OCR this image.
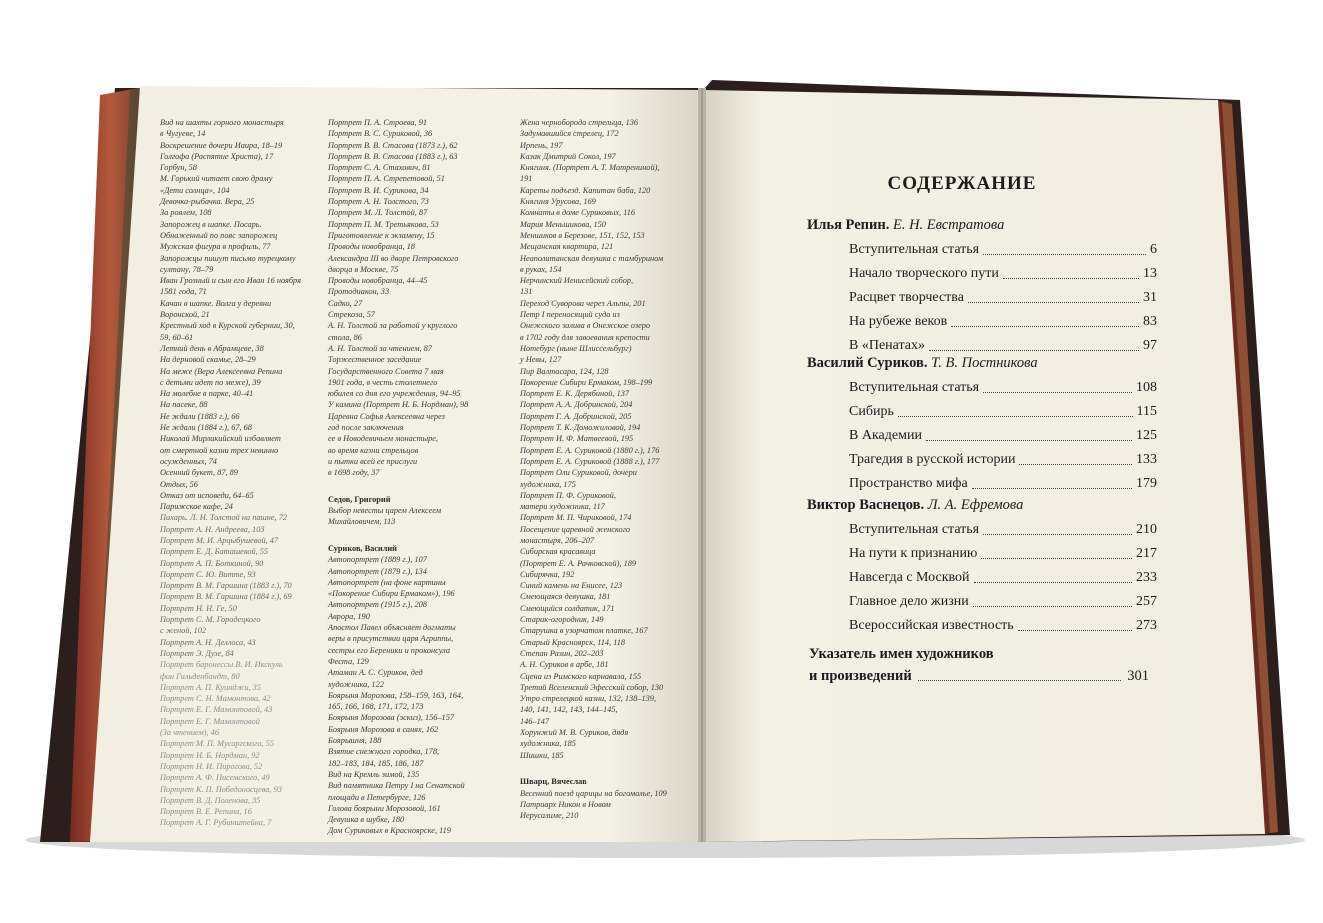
Вид на шахты горного монастыря
в Чугуеве, 14
Воскрешение дочери Иаира, 18–19
Голгофа (Распятие Христа), 17
Горбун, 58
М. Горький читает свою драму
«Дети солнца», 104
Девочка-рыбачка. Вера, 25
За роялем, 108
Запорожец в шапке. Посарь.
Обнаженный по пояс запорожец
Мужская фигура в профиль, 77
Запорожцы пишут письмо турецкому
султану, 78–79
Иван Грозный и сын его Иван 16 ноября
1581 года, 71
Качан в шапке. Волга у деревни
Воронской, 21
Крестный ход в Курской губернии, 30,
59, 60–61
Летний день в Абрамцеве, 38
На дерновой скамье, 28–29
На меже (Вера Алексеевна Репина
с детьми идет по меже), 39
На молебне в парке, 40–41
На пасеке, 88
Не ждали (1883 г.), 66
Не ждали (1884 г.), 67, 68
Николай Мирликийский избавляет
от смертной казни трех невинно
осужденных, 74
Осенний букет, 87, 89
Отдых, 56
Отказ от исповеди, 64–65
Парижское кафе, 24
Пахарь. Л. Н. Толстой на пашне, 72
Портрет А. Н. Андреева, 103
Портрет М. И. Арцыбушевой, 47
Портрет Е. Д. Баташевой, 55
Портрет А. П. Боткиной, 90
Портрет С. Ю. Витте, 93
Портрет В. М. Гаршина (1883 г.), 70
Портрет В. М. Гаршина (1884 г.), 69
Портрет Н. Н. Ге, 50
Портрет С. М. Городецкого
с женой, 102
Портрет А. Н. Деллоса, 43
Портрет Э. Дузе, 84
Портрет баронессы В. И. Икскуль
фон Гильденбандт, 80
Портрет А. П. Куинджи, 35
Портрет С. Н. Мамонтова, 42
Портрет Е. Г. Мамонтовой, 43
Портрет Е. Г. Мамонтовой
(За чтением), 46
Портрет М. П. Мусоргского, 55
Портрет Н. Б. Нордман, 92
Портрет Н. И. Пирогова, 52
Портрет А. Ф. Писемского, 49
Портрет К. П. Победоносцева, 93
Портрет В. Д. Поленова, 35
Портрет В. Е. Репина, 16
Портрет А. Г. Рубинштейна, 7
Портрет П. А. Строева, 91
Портрет В. С. Суриковой, 36
Портрет В. В. Стасова (1873 г.), 62
Портрет В. В. Стасова (1883 г.), 63
Портрет С. А. Стахович, 81
Портрет П. А. Стрепетовой, 51
Портрет В. И. Сурикова, 34
Портрет А. Н. Толстого, 73
Портрет М. Л. Толстой, 87
Портрет П. М. Третьякова, 53
Приготовление к экзамену, 15
Проводы новобранца, 18
Александра III во дворе Петровского
дворца в Москве, 75
Проводы новобранца, 44–45
Протодиакон, 33
Садко, 27
Стрекоза, 57
А. Н. Толстой за работой у круглого
стола, 86
А. Н. Толстой за чтением, 87
Торжественное заседание
Государственного Совета 7 мая
1901 года, в честь столетнего
юбилея со дня его учреждения, 94–95
У камина (Портрет Н. Б. Нордман), 98
Царевна Софья Алексеевна через
год после заключения
ее в Новодевичьем монастыре,
во время казни стрельцов
и пытки всей ее прислуги
в 1698 году, 37

Седов, Григорий
Выбор невесты царем Алексеем
Михайловичем, 113

Суриков, Василий
Автопортрет (1889 г.), 107
Автопортрет (1879 г.), 134
Автопортрет (на фоне картины
«Покорение Сибири Ермаком»), 196
Автопортрет (1915 г.), 208
Аврора, 190
Апостол Павел объясняет догматы
веры в присутствии царя Агриппы,
сестры его Береники и проконсула
Феста, 129
Атаман А. С. Суриков, дед
художника, 122
Боярыня Морозова, 158–159, 163, 164,
165, 166, 168, 171, 172, 173
Боярыня Морозова (эскиз), 156–157
Боярыня Морозова в санях, 162
Боярышня, 188
Взятие снежного городка, 178,
182–183, 184, 185, 186, 187
Вид на Кремль зимой, 135
Вид памятника Петру I на Сенатской
площади в Петербурге, 126
Голова боярыни Морозовой, 161
Девушка в шубке, 180
Дом Суриковых в Красноярске, 119
Жена черноборода стрельца, 136
Задумавшийся стрелец, 172
Ирпень, 197
Казак Дмитрий Сокол, 197
Княгиня. (Портрет А. Т. Матрениной),
191
Кареты подъезд. Капитан баба, 120
Княгиня Урусова, 169
Комнаты в доме Суриковых, 116
Мария Меньшикова, 150
Меншиков в Березове, 151, 152, 153
Мещанская квартира, 121
Неаполитанская девушка с тамбурином
в руках, 154
Нерчинский Иенисейский собор,
131
Переход Суворова через Альпы, 201
Петр I переносящий суда из
Онежского залива в Онежское озеро
в 1702 году для завоевания крепости
Нотебург (ныне Шлиссельбург)
у Невы, 127
Пир Валтасара, 124, 128
Покорение Сибири Ермаком, 198–199
Портрет Е. К. Дерябиной, 137
Портрет А. А. Добринской, 204
Портрет Г. А. Добринской, 205
Портрет Т. К. Доможиловой, 194
Портрет И. Ф. Матвеевой, 195
Портрет Е. А. Суриковой (1880 г.), 176
Портрет Е. А. Суриковой (1888 г.), 177
Портрет Оли Суриковой, дочери
художника, 175
Портрет П. Ф. Суриковой,
матери художника, 117
Портрет М. П. Чириковой, 174
Посещение царевной женского
монастыря, 206–207
Сибирская красавица
(Портрет Е. А. Рачковской), 189
Сибирячка, 192
Синий камень на Енисее, 123
Смеющаяся девушка, 181
Смеющийся солдатик, 171
Старик-огородник, 149
Старушка в узорчатом платке, 167
Старый Красноярск, 114, 118
Степан Разин, 202–203
А. Н. Суриков в арбе, 181
Сцена из Римского карнавала, 155
Третий Вселенский Эфесский собор, 130
Утро стрелецкой казни, 132, 138–139,
140, 141, 142, 143, 144–145,
146–147
Хорунжий М. В. Суриков, дядя
художника, 185
Шишки, 185

Шварц, Вячеслав
Весенний поезд царицы на богомолье, 109
Патриарх Никон в Новом
Иерусалиме, 210
СОДЕРЖАНИЕ
Илья Репин. Е. Н. Евстратова
Вступительная статья	6
Начало творческого пути	13
Расцвет творчества	31
На рубеже веков	83
В «Пенатах»	97
Василий Суриков. Т. В. Постникова
Вступительная статья	108
Сибирь	115
В Академии	125
Трагедия в русской истории	133
Пространство мифа	179
Виктор Васнецов. Л. А. Ефремова
Вступительная статья	210
На пути к признанию	217
Навсегда с Москвой	233
Главное дело жизни	257
Всероссийская известность	273
Указатель имен художников
и произведений	301
